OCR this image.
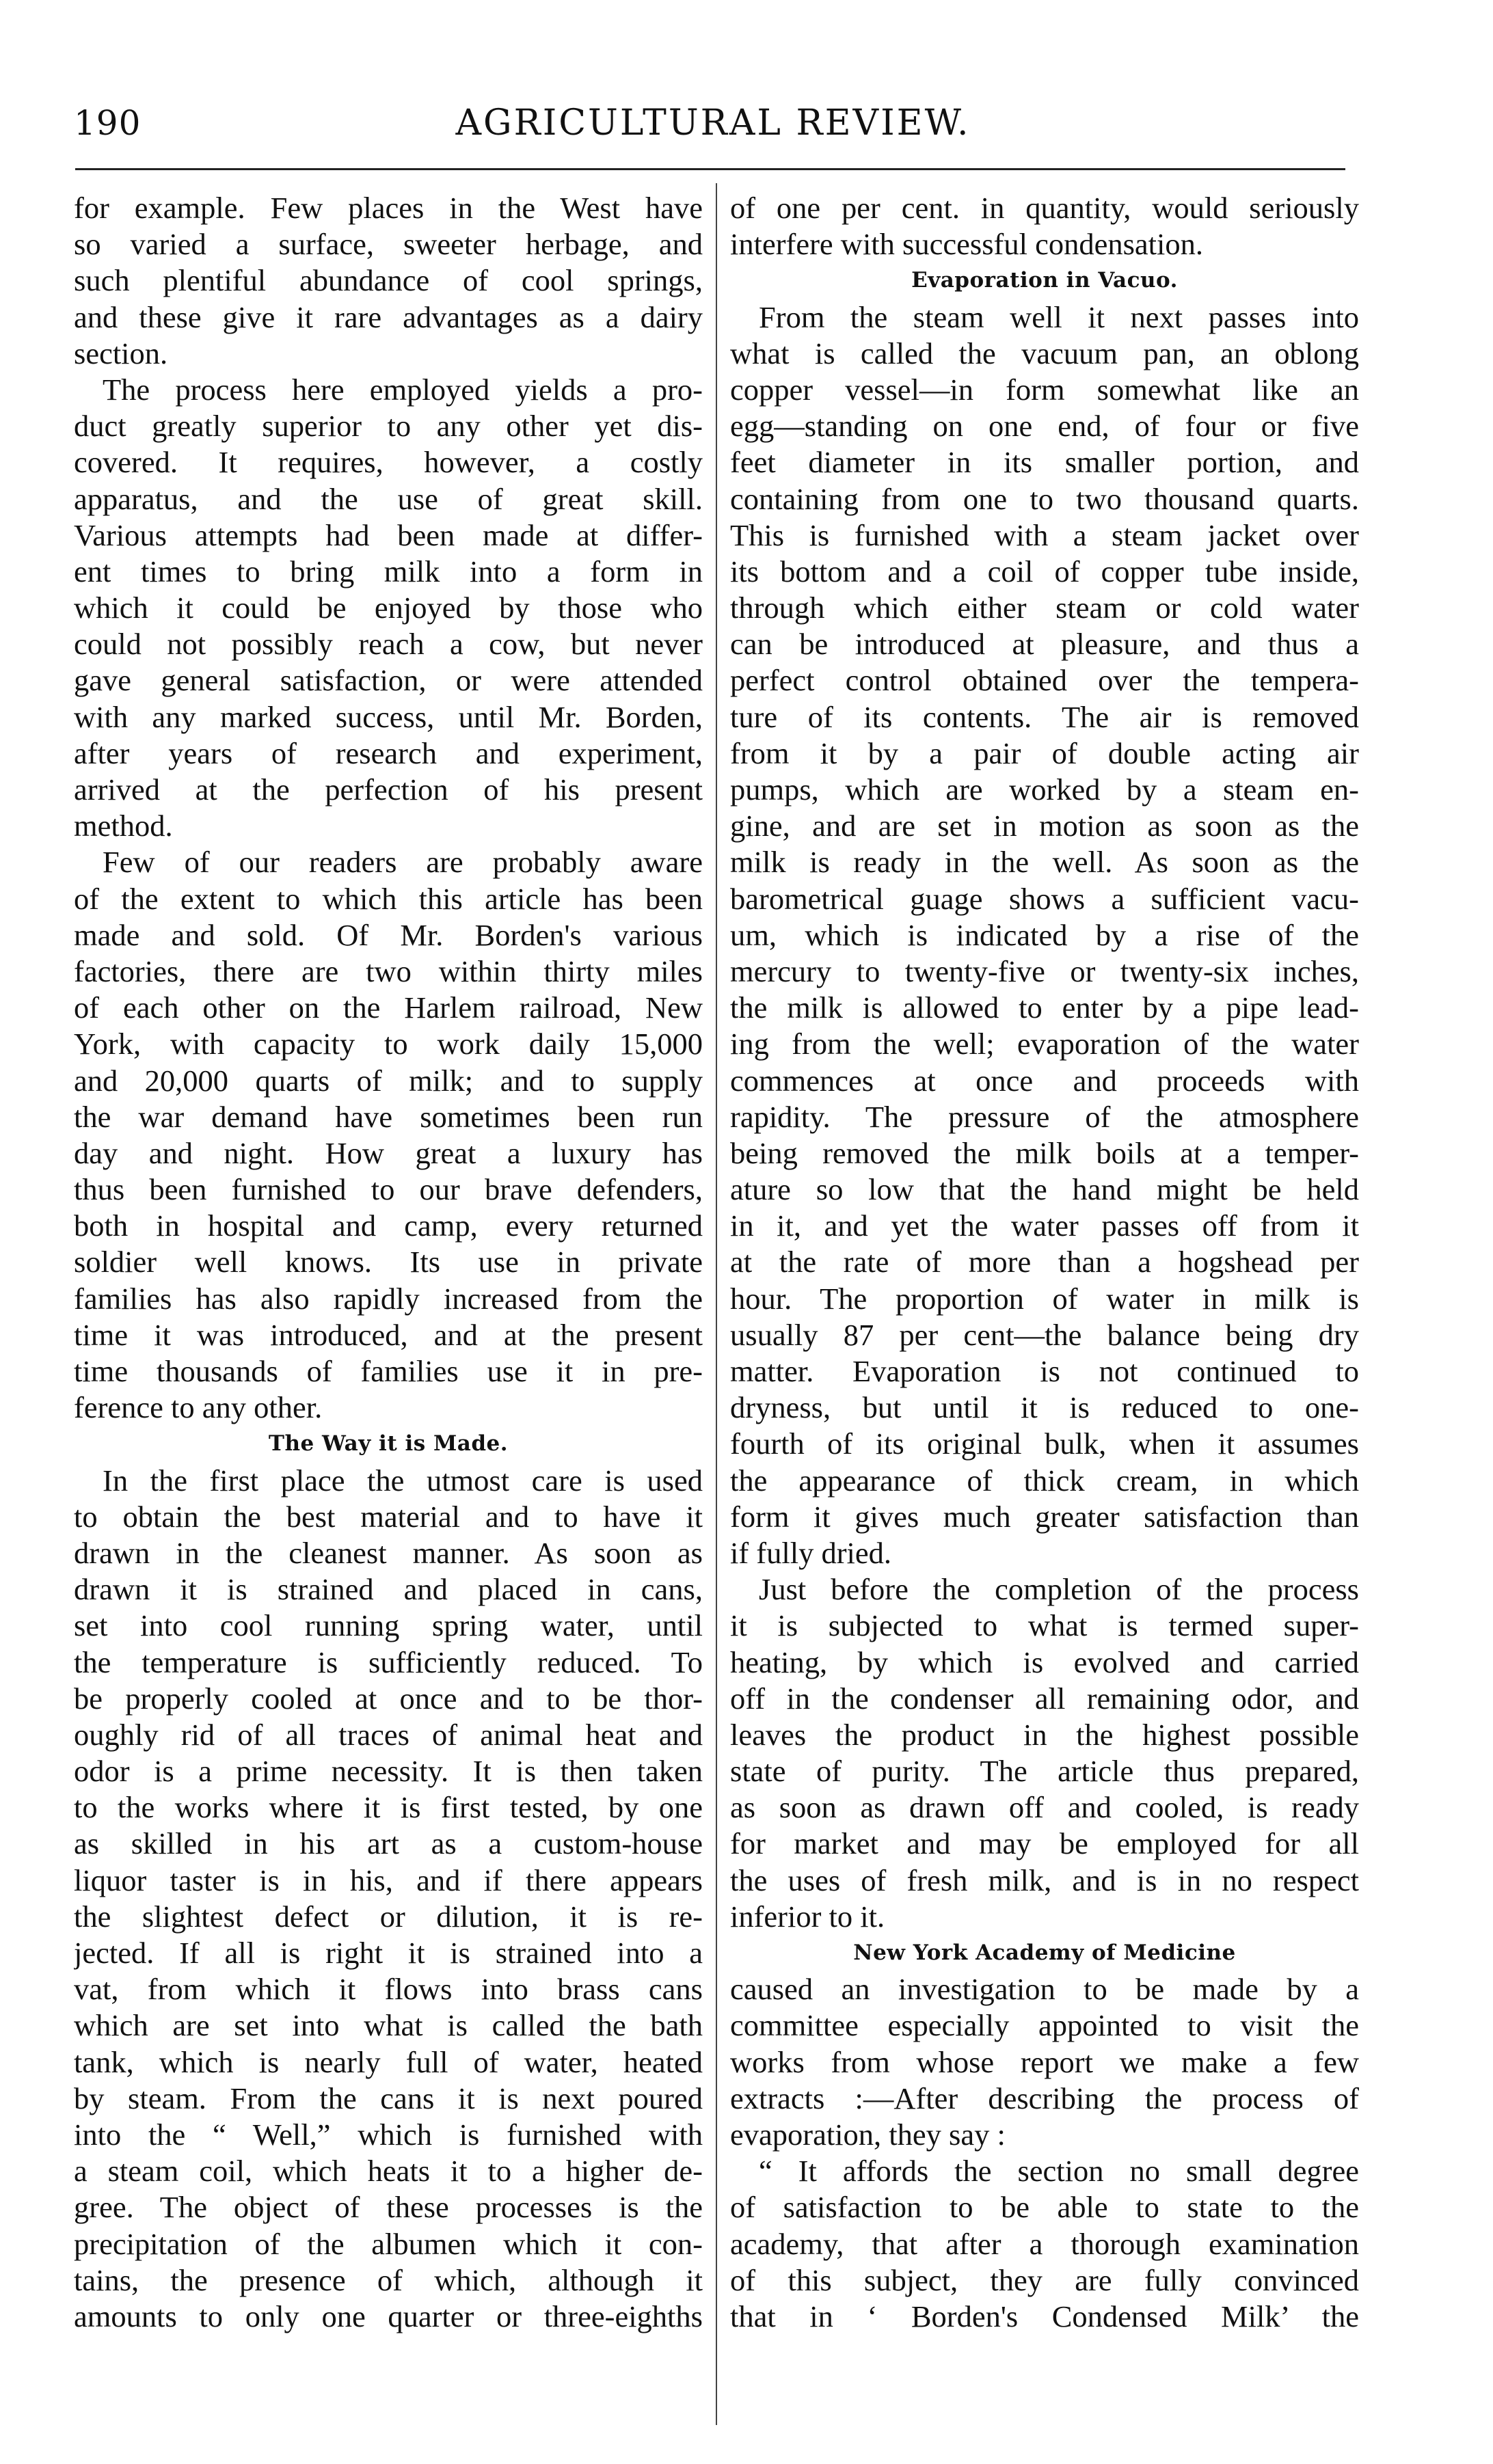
190	AGRICULTURAL REVIEW.
for example. Few places in the West have
so varied a surface, sweeter herbage, and
such plentiful abundance of cool springs,
and these give it rare advantages as a dairy
section.
The process here employed yields a pro-
duct greatly superior to any other yet dis-
covered. It requires, however, a costly
apparatus, and the use of great skill.
Various attempts had been made at differ-
ent times to bring milk into a form in
which it could be enjoyed by those who
could not possibly reach a cow, but never
gave general satisfaction, or were attended
with any marked success, until Mr. Borden,
after years of research and experiment,
arrived at the perfection of his present
method.
Few of our readers are probably aware
of the extent to which this article has been
made and sold. Of Mr. Borden's various
factories, there are two within thirty miles
of each other on the Harlem railroad, New
York, with capacity to work daily 15,000
and 20,000 quarts of milk; and to supply
the war demand have sometimes been run
day and night. How great a luxury has
thus been furnished to our brave defenders,
both in hospital and camp, every returned
soldier well knows. Its use in private
families has also rapidly increased from the
time it was introduced, and at the present
time thousands of families use it in pre-
ference to any other.
The Way it is Made.
In the first place the utmost care is used
to obtain the best material and to have it
drawn in the cleanest manner. As soon as
drawn it is strained and placed in cans,
set into cool running spring water, until
the temperature is sufficiently reduced. To
be properly cooled at once and to be thor-
oughly rid of all traces of animal heat and
odor is a prime necessity. It is then taken
to the works where it is first tested, by one
as skilled in his art as a custom-house
liquor taster is in his, and if there appears
the slightest defect or dilution, it is re-
jected. If all is right it is strained into a
vat, from which it flows into brass cans
which are set into what is called the bath
tank, which is nearly full of water, heated
by steam. From the cans it is next poured
into the “ Well,” which is furnished with
a steam coil, which heats it to a higher de-
gree. The object of these processes is the
precipitation of the albumen which it con-
tains, the presence of which, although it
amounts to only one quarter or three-eighths
of one per cent. in quantity, would seriously
interfere with successful condensation.
Evaporation in Vacuo.
From the steam well it next passes into
what is called the vacuum pan, an oblong
copper vessel—in form somewhat like an
egg—standing on one end, of four or five
feet diameter in its smaller portion, and
containing from one to two thousand quarts.
This is furnished with a steam jacket over
its bottom and a coil of copper tube inside,
through which either steam or cold water
can be introduced at pleasure, and thus a
perfect control obtained over the tempera-
ture of its contents. The air is removed
from it by a pair of double acting air
pumps, which are worked by a steam en-
gine, and are set in motion as soon as the
milk is ready in the well. As soon as the
barometrical guage shows a sufficient vacu-
um, which is indicated by a rise of the
mercury to twenty-five or twenty-six inches,
the milk is allowed to enter by a pipe lead-
ing from the well; evaporation of the water
commences at once and proceeds with
rapidity. The pressure of the atmosphere
being removed the milk boils at a temper-
ature so low that the hand might be held
in it, and yet the water passes off from it
at the rate of more than a hogshead per
hour. The proportion of water in milk is
usually 87 per cent—the balance being dry
matter. Evaporation is not continued to
dryness, but until it is reduced to one-
fourth of its original bulk, when it assumes
the appearance of thick cream, in which
form it gives much greater satisfaction than
if fully dried.
Just before the completion of the process
it is subjected to what is termed super-
heating, by which is evolved and carried
off in the condenser all remaining odor, and
leaves the product in the highest possible
state of purity. The article thus prepared,
as soon as drawn off and cooled, is ready
for market and may be employed for all
the uses of fresh milk, and is in no respect
inferior to it.
New York Academy of Medicine
caused an investigation to be made by a
committee especially appointed to visit the
works from whose report we make a few
extracts :—After describing the process of
evaporation, they say :
“ It affords the section no small degree
of satisfaction to be able to state to the
academy, that after a thorough examination
of this subject, they are fully convinced
that in ‘ Borden's Condensed Milk’ the
